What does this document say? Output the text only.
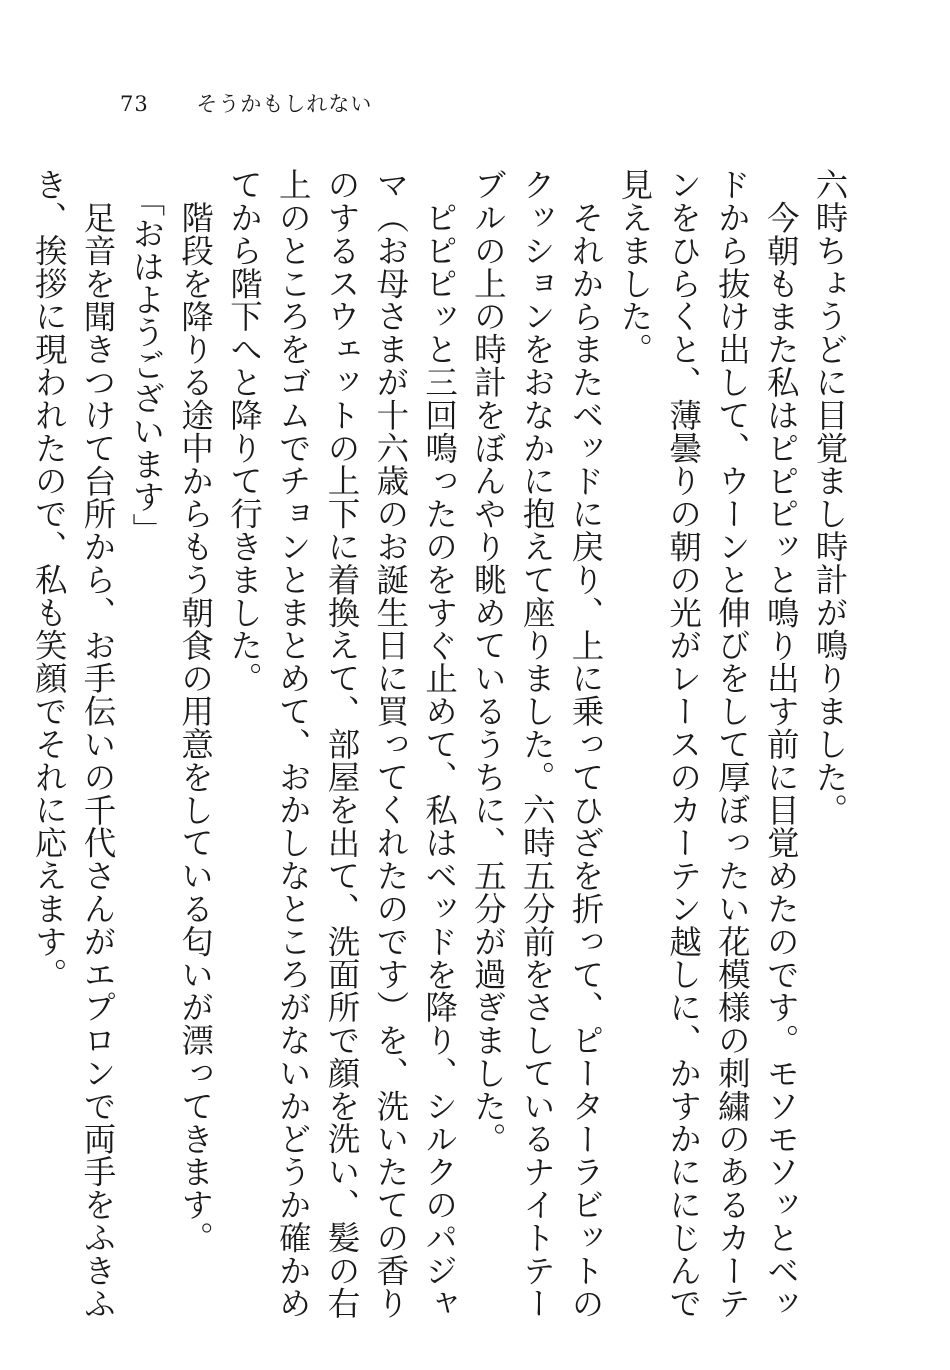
73 そうかもしれない

六時ちょうどに目覚まし時計が鳴りました。

今朝もまた私はピピピッと鳴り出す前に目覚めたのです。モソモソッとベッドから抜け出して、ウーンと伸びをして厚ぼったい花模様の刺繍のあるカーテンをひらくと、薄曇りの朝の光がレースのカーテン越しに、かすかににじんで見えました。

それからまたベッドに戻り、上に乗ってひざを折って、ピーターラビットのクッションをおなかに抱えて座りました。六時五分前をさしているナイトテーブルの上の時計をぼんやり眺めているうちに、五分が過ぎました。

ピピピッと三回鳴ったのをすぐ止めて、私はベッドを降り、シルクのパジャマ（お母さまが十六歳のお誕生日に買ってくれたのです）を、洗いたての香りのするスウェットの上下に着換えて、部屋を出て、洗面所で顔を洗い、髪の右上のところをゴムでチョンとまとめて、おかしなところがないかどうか確かめてから階下へと降りて行きました。

階段を降りる途中からもう朝食の用意をしている匂いが漂ってきます。

「おはようございます」

足音を聞きつけて台所から、お手伝いの千代さんがエプロンで両手をふきふき、挨拶に現われたので、私も笑顔でそれに応えます。
